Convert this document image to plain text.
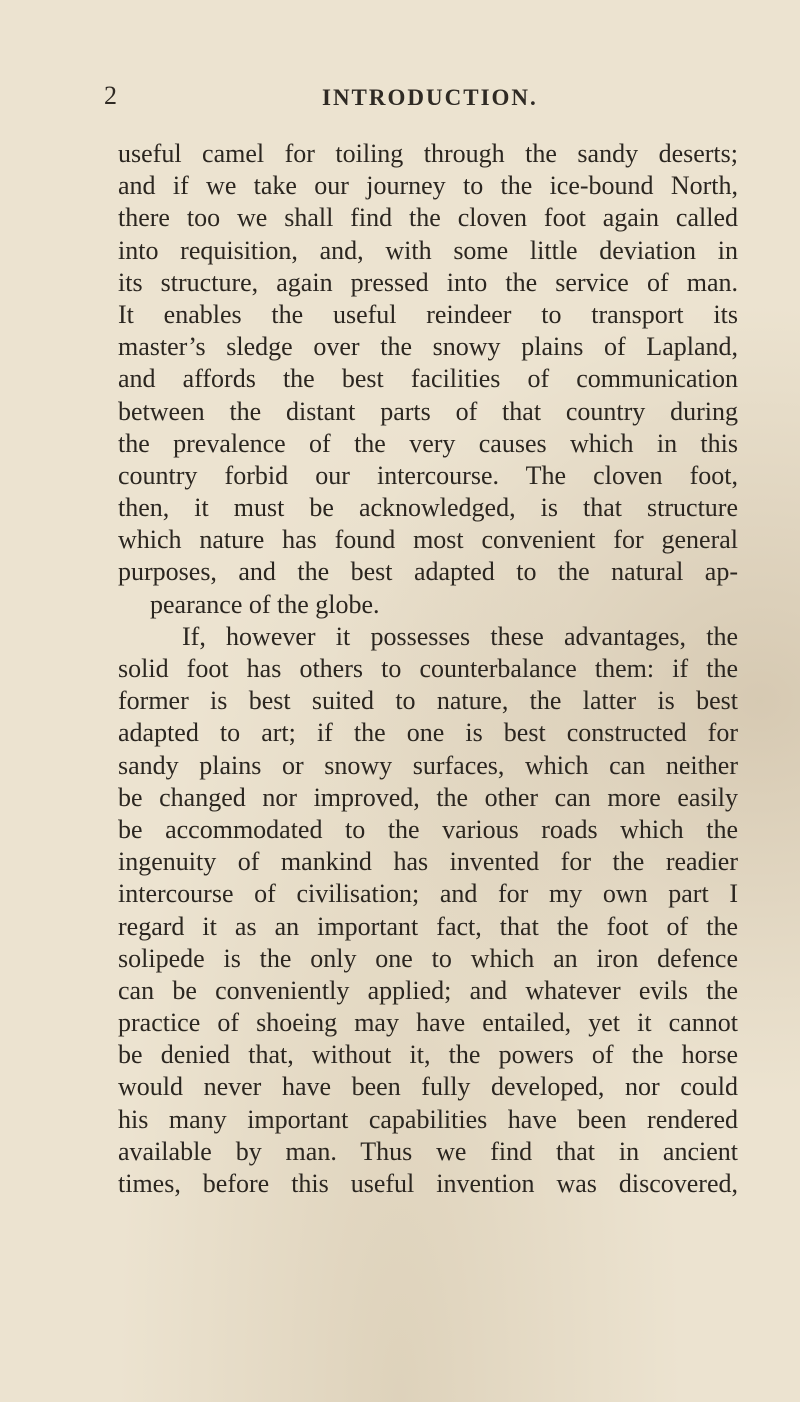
2	INTRODUCTION.
useful camel for toiling through the sandy deserts;
and if we take our journey to the ice-bound North,
there too we shall find the cloven foot again called
into requisition, and, with some little deviation in
its structure, again pressed into the service of man.
It enables the useful reindeer to transport its
master’s sledge over the snowy plains of Lapland,
and affords the best facilities of communication
between the distant parts of that country during
the prevalence of the very causes which in this
country forbid our intercourse. The cloven foot,
then, it must be acknowledged, is that structure
which nature has found most convenient for general
purposes, and the best adapted to the natural ap-
pearance of the globe.
If, however it possesses these advantages, the
solid foot has others to counterbalance them: if the
former is best suited to nature, the latter is best
adapted to art; if the one is best constructed for
sandy plains or snowy surfaces, which can neither
be changed nor improved, the other can more easily
be accommodated to the various roads which the
ingenuity of mankind has invented for the readier
intercourse of civilisation; and for my own part I
regard it as an important fact, that the foot of the
solipede is the only one to which an iron defence
can be conveniently applied; and whatever evils the
practice of shoeing may have entailed, yet it cannot
be denied that, without it, the powers of the horse
would never have been fully developed, nor could
his many important capabilities have been rendered
available by man. Thus we find that in ancient
times, before this useful invention was discovered,
